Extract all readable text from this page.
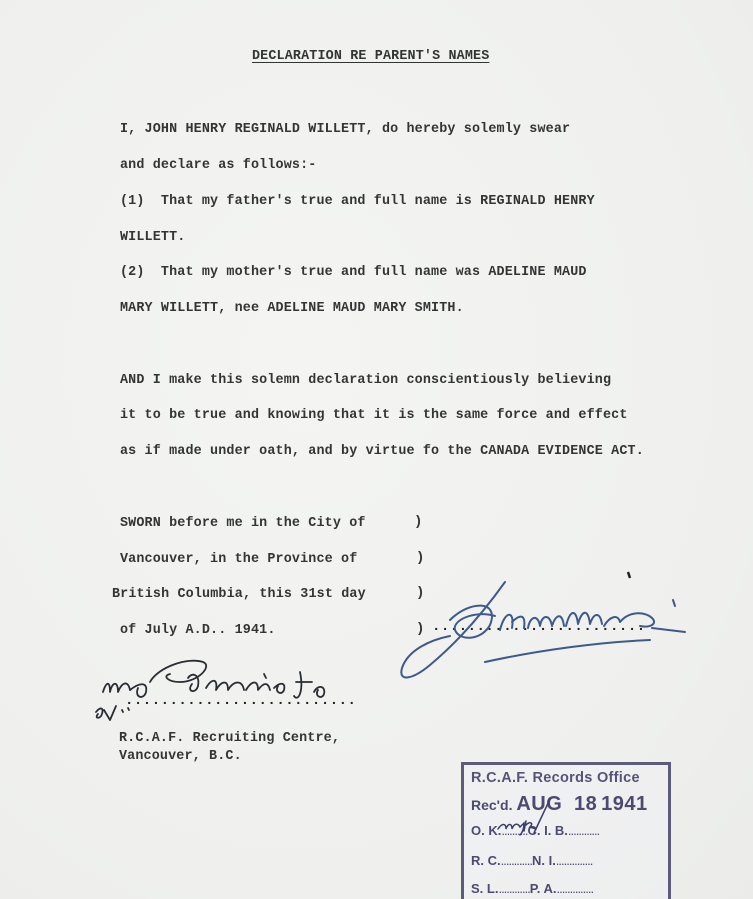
DECLARATION RE PARENT'S NAMES
I, JOHN HENRY REGINALD WILLETT, do hereby solemly swear
and declare as follows:-
(1)  That my father's true and full name is REGINALD HENRY
WILLETT.
(2)  That my mother's true and full name was ADELINE MAUD
MARY WILLETT, nee ADELINE MAUD MARY SMITH.
AND I make this solemn declaration conscientiously believing
it to be true and knowing that it is the same force and effect
as if made under oath, and by virtue fo the CANADA EVIDENCE ACT.
SWORN before me in the City of
Vancouver, in the Province of
British Columbia, this 31st day
of July A.D.. 1941.
)
)
)
) ........................
..........................
R.C.A.F. Recruiting Centre,
Vancouver, B.C.
R.C.A.F. Records Office
Rec'd. AUG 18 1941
O. K...........C. I. B.............
R. C.............N. I...............
S. L.............P. A...............
